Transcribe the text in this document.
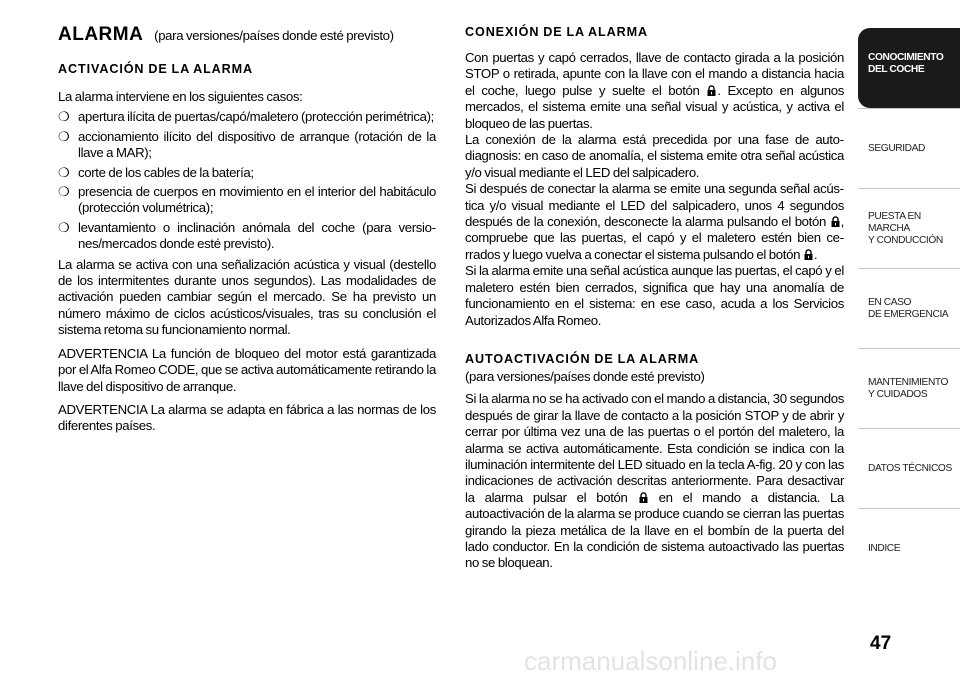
ALARMA (para versiones/países donde esté previsto)
ACTIVACIÓN DE LA ALARMA

La alarma interviene en los siguientes casos:

❍ apertura ilícita de puertas/capó/maletero (protección perimétrica);
❍ accionamiento ilícito del dispositivo de arranque (rotación de la llave a MAR);
❍ corte de los cables de la batería;
❍ presencia de cuerpos en movimiento en el interior del habitáculo (protección volumétrica);
❍ levantamiento o inclinación anómala del coche (para versiones/mercados donde esté previsto).

La alarma se activa con una señalización acústica y visual (destello de los intermitentes durante unos segundos). Las modalidades de activación pueden cambiar según el mercado. Se ha previsto un número máximo de ciclos acústicos/visuales, tras su conclusión el sistema retoma su funcionamiento normal.

ADVERTENCIA La función de bloqueo del motor está garantizada por el Alfa Romeo CODE, que se activa automáticamente retirando la llave del dispositivo de arranque.

ADVERTENCIA La alarma se adapta en fábrica a las normas de los diferentes países.

CONEXIÓN DE LA ALARMA

Con puertas y capó cerrados, llave de contacto girada a la posición STOP o retirada, apunte con la llave con el mando a distancia hacia el coche, luego pulse y suelte el botón . Excepto en algunos mercados, el sistema emite una señal visual y acústica, y activa el bloqueo de las puertas.

La conexión de la alarma está precedida por una fase de autodiagnosis: en caso de anomalía, el sistema emite otra señal acústica y/o visual mediante el LED del salpicadero.

Si después de conectar la alarma se emite una segunda señal acústica y/o visual mediante el LED del salpicadero, unos 4 segundos después de la conexión, desconecte la alarma pulsando el botón , compruebe que las puertas, el capó y el maletero estén bien cerrados y luego vuelva a conectar el sistema pulsando el botón .

Si la alarma emite una señal acústica aunque las puertas, el capó y el maletero estén bien cerrados, significa que hay una anomalía de funcionamiento en el sistema: en ese caso, acuda a los Servicios Autorizados Alfa Romeo.

AUTOACTIVACIÓN DE LA ALARMA

(para versiones/países donde esté previsto)

Si la alarma no se ha activado con el mando a distancia, 30 segundos después de girar la llave de contacto a la posición STOP y de abrir y cerrar por última vez una de las puertas o el portón del maletero, la alarma se activa automáticamente. Esta condición se indica con la iluminación intermitente del LED situado en la tecla A-fig. 20 y con las indicaciones de activación descritas anteriormente. Para desactivar la alarma pulsar el botón  en el mando a distancia. La autoactivación de la alarma se produce cuando se cierran las puertas girando la pieza metálica de la llave en el bombín de la puerta del lado conductor. En la condición de sistema autoactivado las puertas no se bloquean.

CONOCIMIENTO
DEL COCHE
SEGURIDAD
PUESTA EN MARCHA
Y CONDUCCIÓN
EN CASO
DE EMERGENCIA
MANTENIMIENTO
Y CUIDADOS
DATOS TÉCNICOS
INDICE
47
carmanualsonline.info
